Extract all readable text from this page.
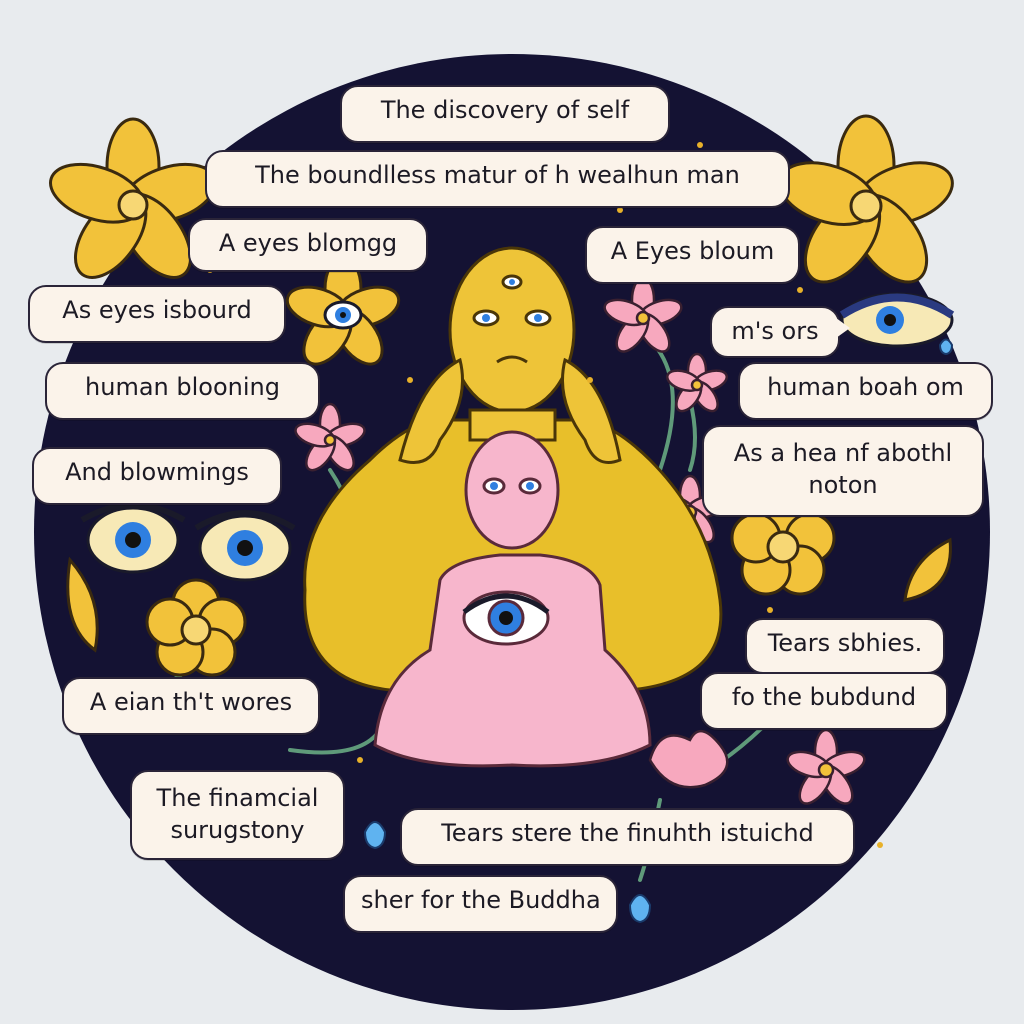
The discovery of self
The boundlless matur of h wealhun man
A eyes blomgg	A Eyes bloum
As eyes isbourd
m's ors
human blooning	human boah om
And blowmings
As a hea nf abothl
noton
Tears sbhies.
A eian th't wores	fo the bubdund
The finamcial
surugstony	Tears stere the finuhth istuichd
sher for the Buddha
